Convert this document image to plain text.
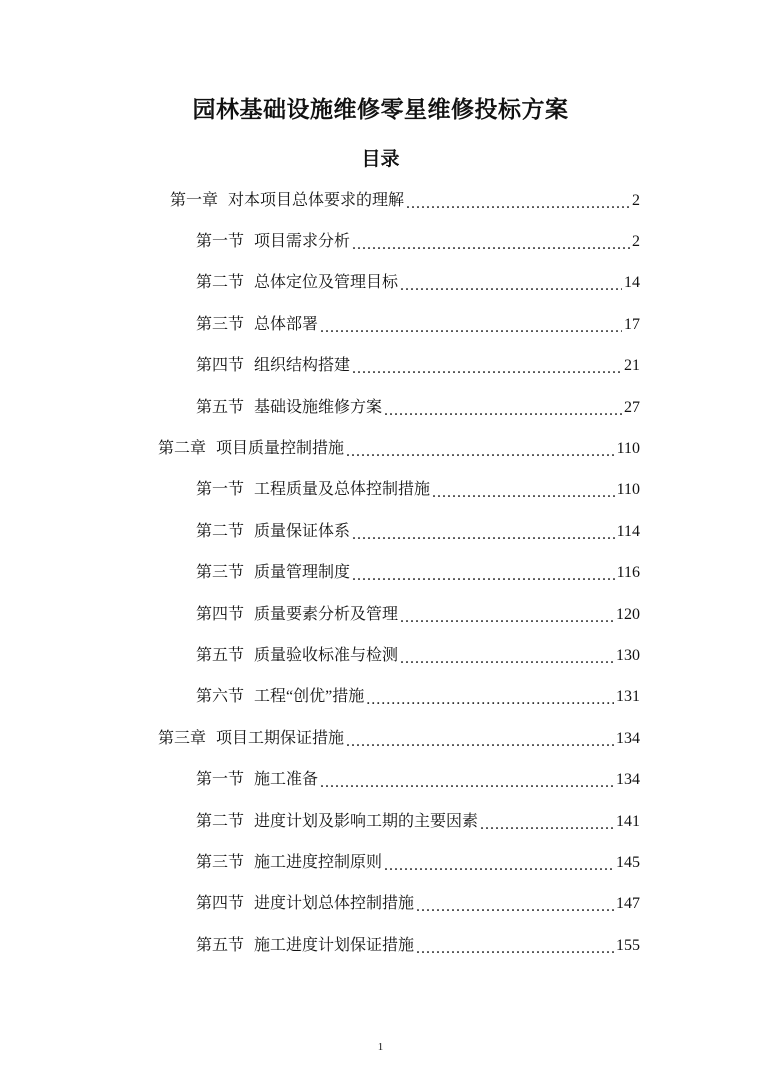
园林基础设施维修零星维修投标方案
目录
第一章 对本项目总体要求的理解 .....	2
第一节 项目需求分析 .....	2
第二节 总体定位及管理目标 .....	14
第三节 总体部署 .....	17
第四节 组织结构搭建 .....	21
第五节 基础设施维修方案 .....	27
第二章 项目质量控制措施 .....	110
第一节 工程质量及总体控制措施 .....	110
第二节 质量保证体系 .....	114
第三节 质量管理制度 .....	116
第四节 质量要素分析及管理 .....	120
第五节 质量验收标准与检测 .....	130
第六节 工程“创优”措施 .....	131
第三章 项目工期保证措施 .....	134
第一节 施工准备 .....	134
第二节 进度计划及影响工期的主要因素 .....	141
第三节 施工进度控制原则 .....	145
第四节 进度计划总体控制措施 .....	147
第五节 施工进度计划保证措施 .....	155
1
